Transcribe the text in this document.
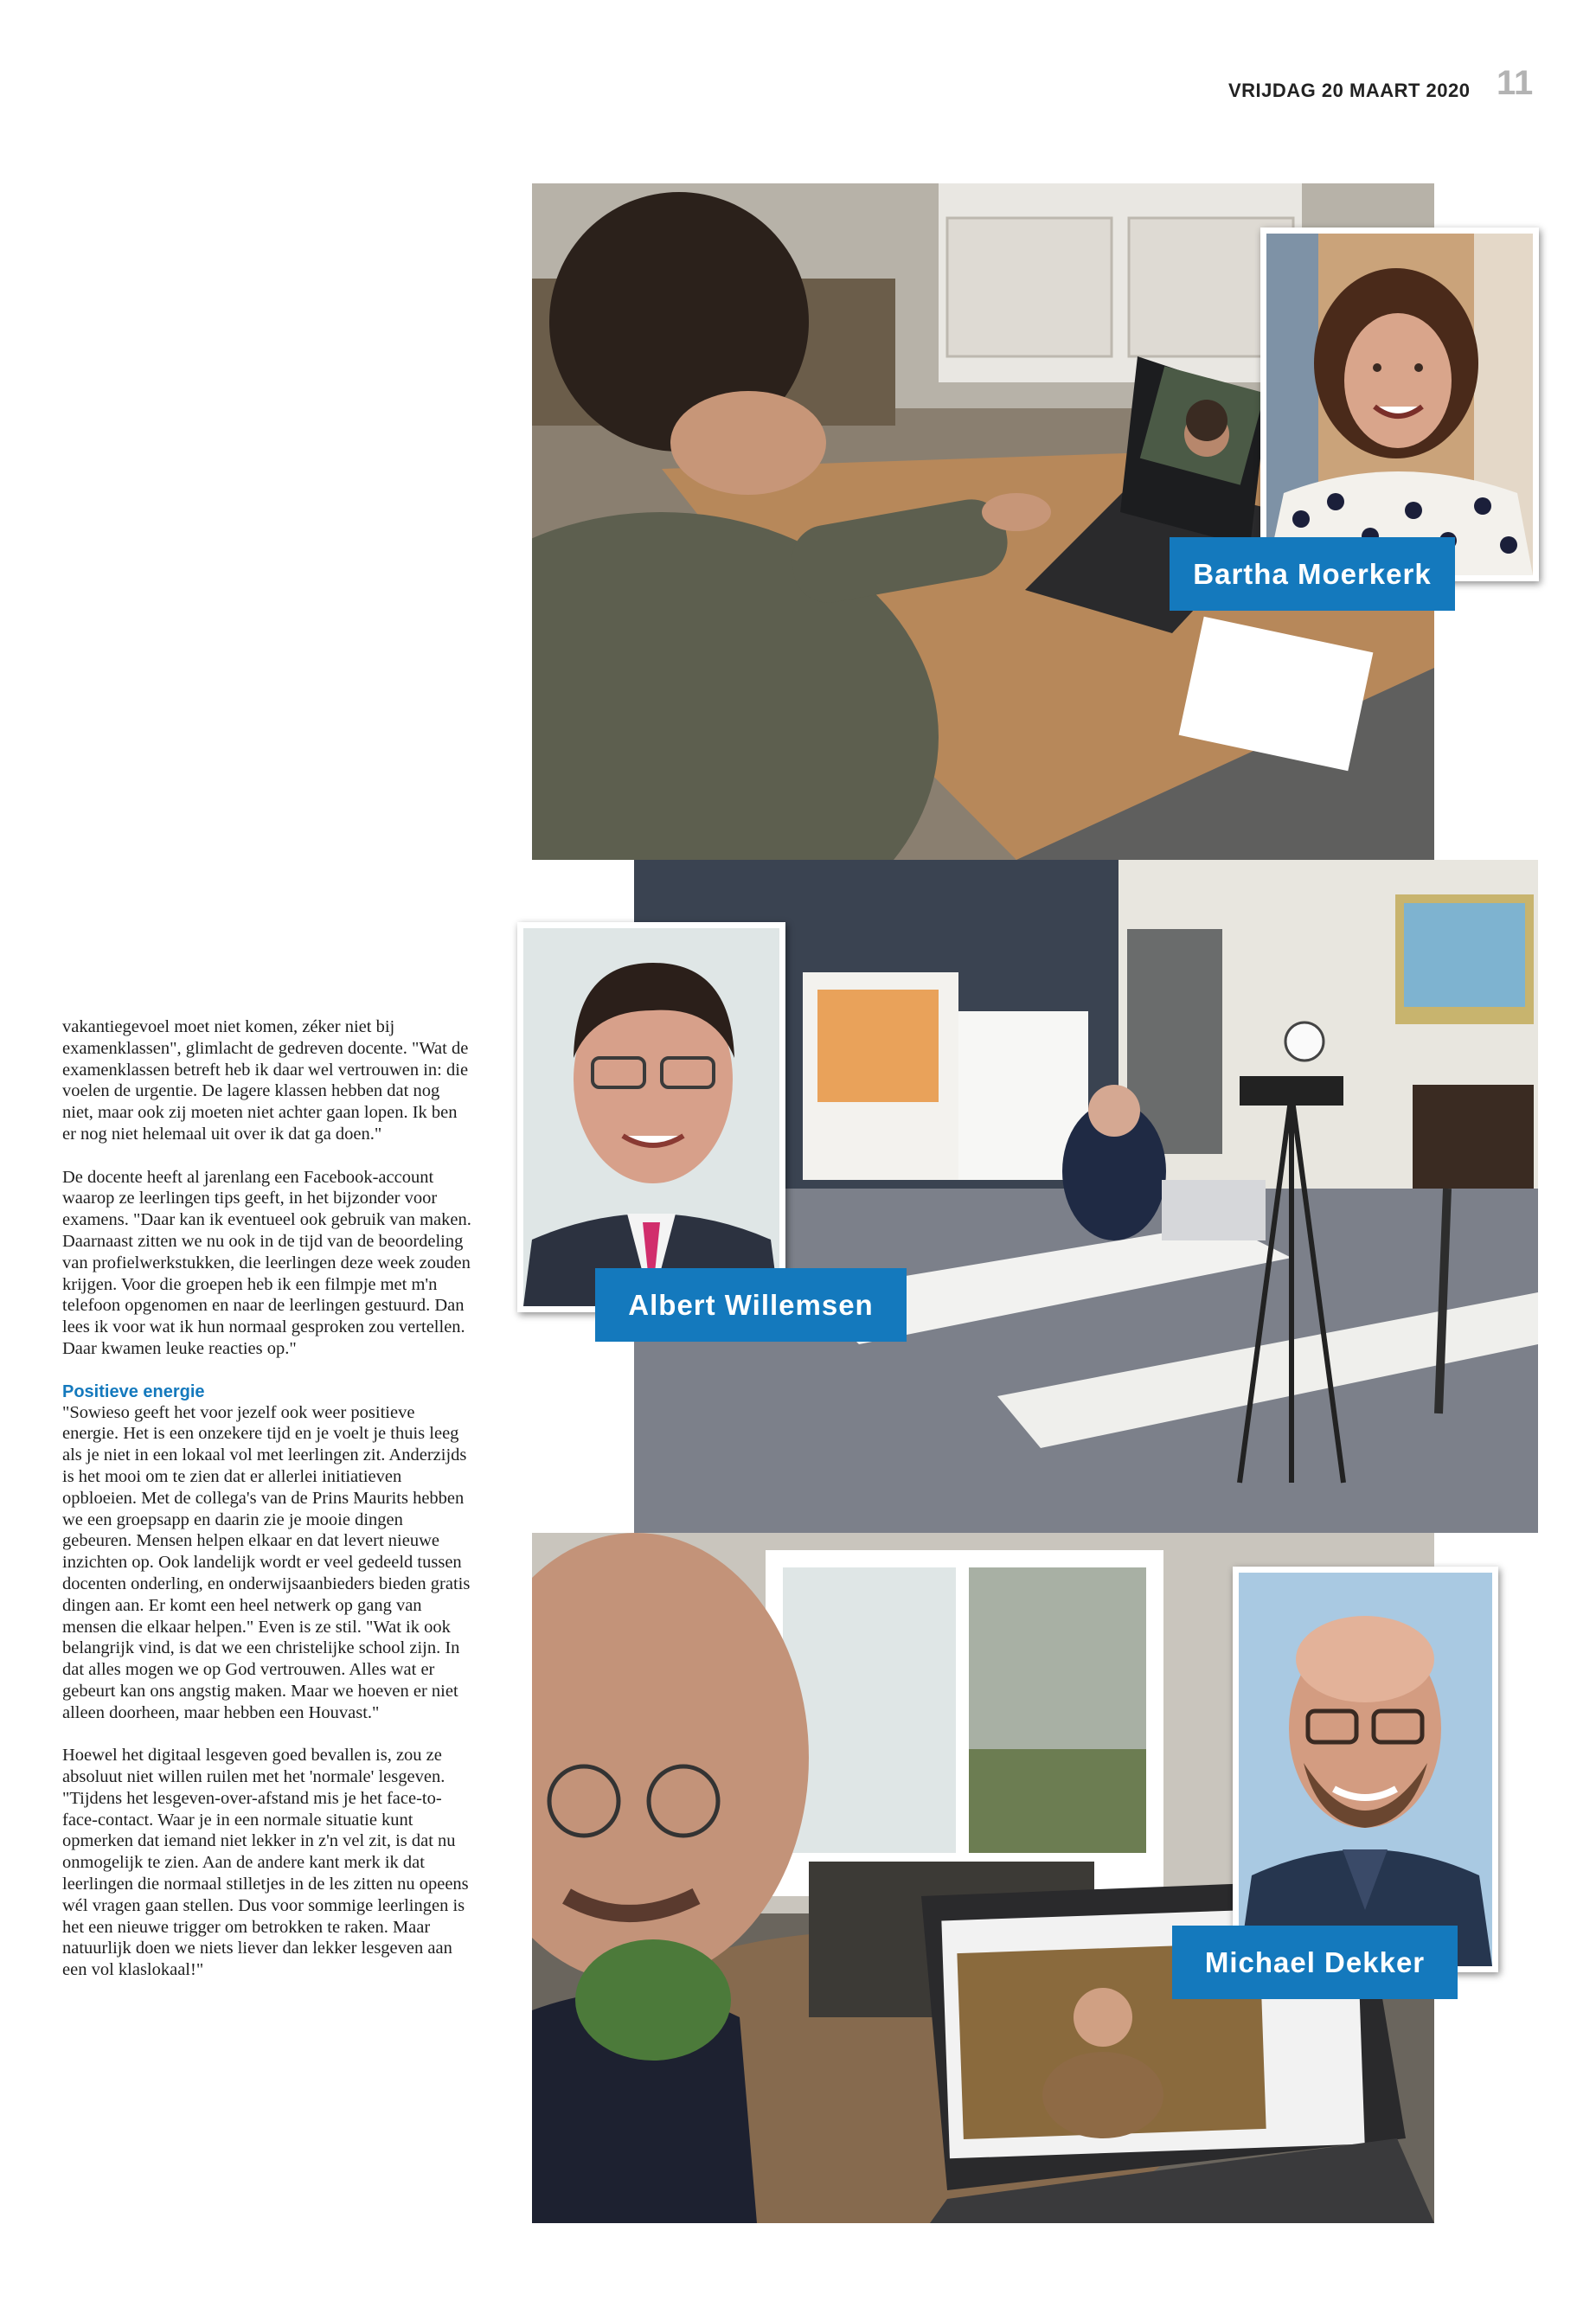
VRIJDAG 20 MAART 2020 11
Bartha Moerkerk
Albert Willemsen
Michael Dekker

vakantiegevoel moet niet komen, zéker niet bij examenklassen", glimlacht de gedreven docente. "Wat de examenklassen betreft heb ik daar wel vertrouwen in: die voelen de urgentie. De lagere klassen hebben dat nog niet, maar ook zij moeten niet achter gaan lopen. Ik ben er nog niet helemaal uit over ik dat ga doen."

De docente heeft al jarenlang een Facebook-account waarop ze leerlingen tips geeft, in het bijzonder voor examens. "Daar kan ik eventueel ook gebruik van maken. Daarnaast zitten we nu ook in de tijd van de beoordeling van profielwerkstukken, die leerlingen deze week zouden krijgen. Voor die groepen heb ik een filmpje met m'n telefoon opgenomen en naar de leerlingen gestuurd. Dan lees ik voor wat ik hun normaal gesproken zou vertellen. Daar kwamen leuke reacties op."

Positieve energie

"Sowieso geeft het voor jezelf ook weer positieve energie. Het is een onzekere tijd en je voelt je thuis leeg als je niet in een lokaal vol met leerlingen zit. Anderzijds is het mooi om te zien dat er allerlei initiatieven opbloeien. Met de collega's van de Prins Maurits hebben we een groepsapp en daarin zie je mooie dingen gebeuren. Mensen helpen elkaar en dat levert nieuwe inzichten op. Ook landelijk wordt er veel gedeeld tussen docenten onderling, en onderwijsaanbieders bieden gratis dingen aan. Er komt een heel netwerk op gang van mensen die elkaar helpen." Even is ze stil. "Wat ik ook belangrijk vind, is dat we een christelijke school zijn. In dat alles mogen we op God vertrouwen. Alles wat er gebeurt kan ons angstig maken. Maar we hoeven er niet alleen doorheen, maar hebben een Houvast."

Hoewel het digitaal lesgeven goed bevallen is, zou ze absoluut niet willen ruilen met het 'normale' lesgeven. "Tijdens het lesgeven-over-afstand mis je het face-to-face-contact. Waar je in een normale situatie kunt opmerken dat iemand niet lekker in z'n vel zit, is dat nu onmogelijk te zien. Aan de andere kant merk ik dat leerlingen die normaal stilletjes in de les zitten nu opeens wél vragen gaan stellen. Dus voor sommige leerlingen is het een nieuwe trigger om betrokken te raken. Maar natuurlijk doen we niets liever dan lekker lesgeven aan een vol klaslokaal!"
